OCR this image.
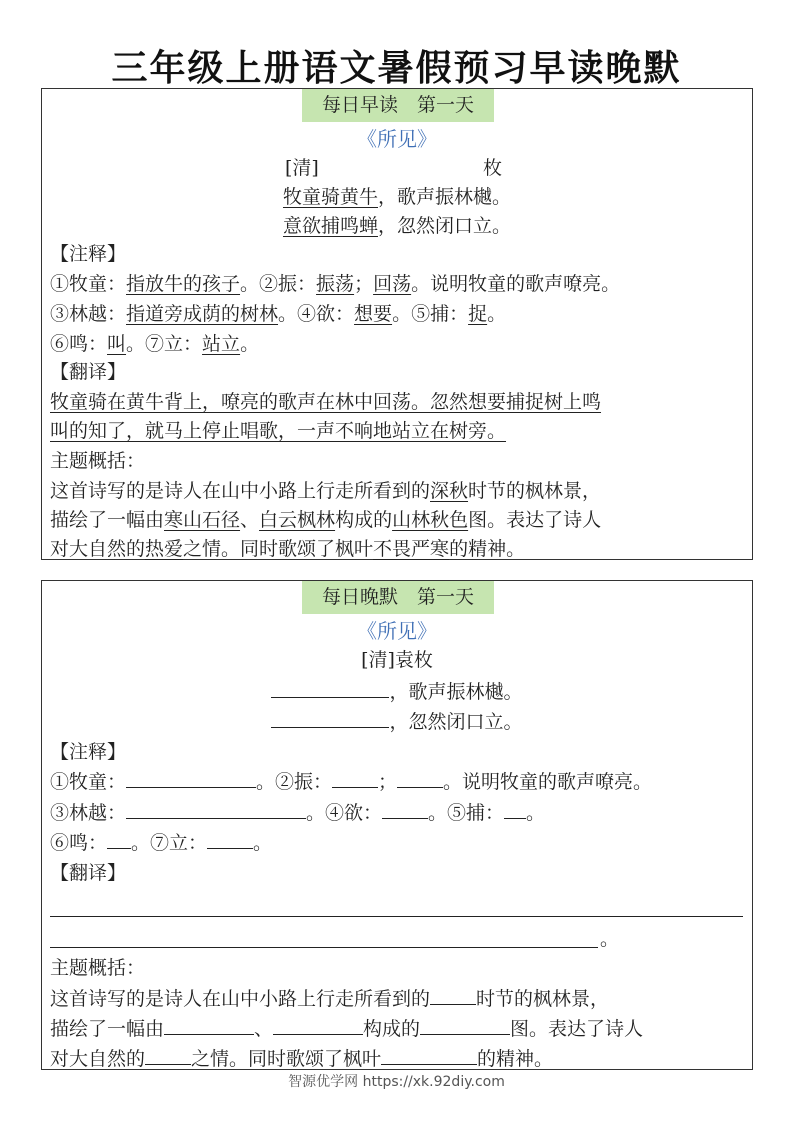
三年级上册语文暑假预习早读晚默
每日早读　第一天
《所见》
[清]	枚
牧童骑黄牛，歌声振林樾。
意欲捕鸣蝉，忽然闭口立。
【注释】
①牧童：指放牛的孩子。②振：振荡；回荡。说明牧童的歌声嘹亮。
③林越：指道旁成荫的树林。④欲：想要。⑤捕：捉。
⑥鸣：叫。⑦立：站立。
【翻译】
牧童骑在黄牛背上，嘹亮的歌声在林中回荡。忽然想要捕捉树上鸣
叫的知了，就马上停止唱歌，一声不响地站立在树旁。
主题概括：
这首诗写的是诗人在山中小路上行走所看到的深秋时节的枫林景，
描绘了一幅由寒山石径、白云枫林构成的山林秋色图。表达了诗人
对大自然的热爱之情。同时歌颂了枫叶不畏严寒的精神。
每日晚默　第一天
《所见》
[清]袁枚
，歌声振林樾。
，忽然闭口立。
【注释】
①牧童：	。②振： ； 。说明牧童的歌声嘹亮。
③林越：	。④欲： 。⑤捕： 。
⑥鸣： 。⑦立： 。
【翻译】
。
主题概括：
这首诗写的是诗人在山中小路上行走所看到的 时节的枫林景，
描绘了一幅由	、	构成的	图。表达了诗人
对大自然的 之情。同时歌颂了枫叶	的精神。
智源优学网 https://xk.92diy.com
